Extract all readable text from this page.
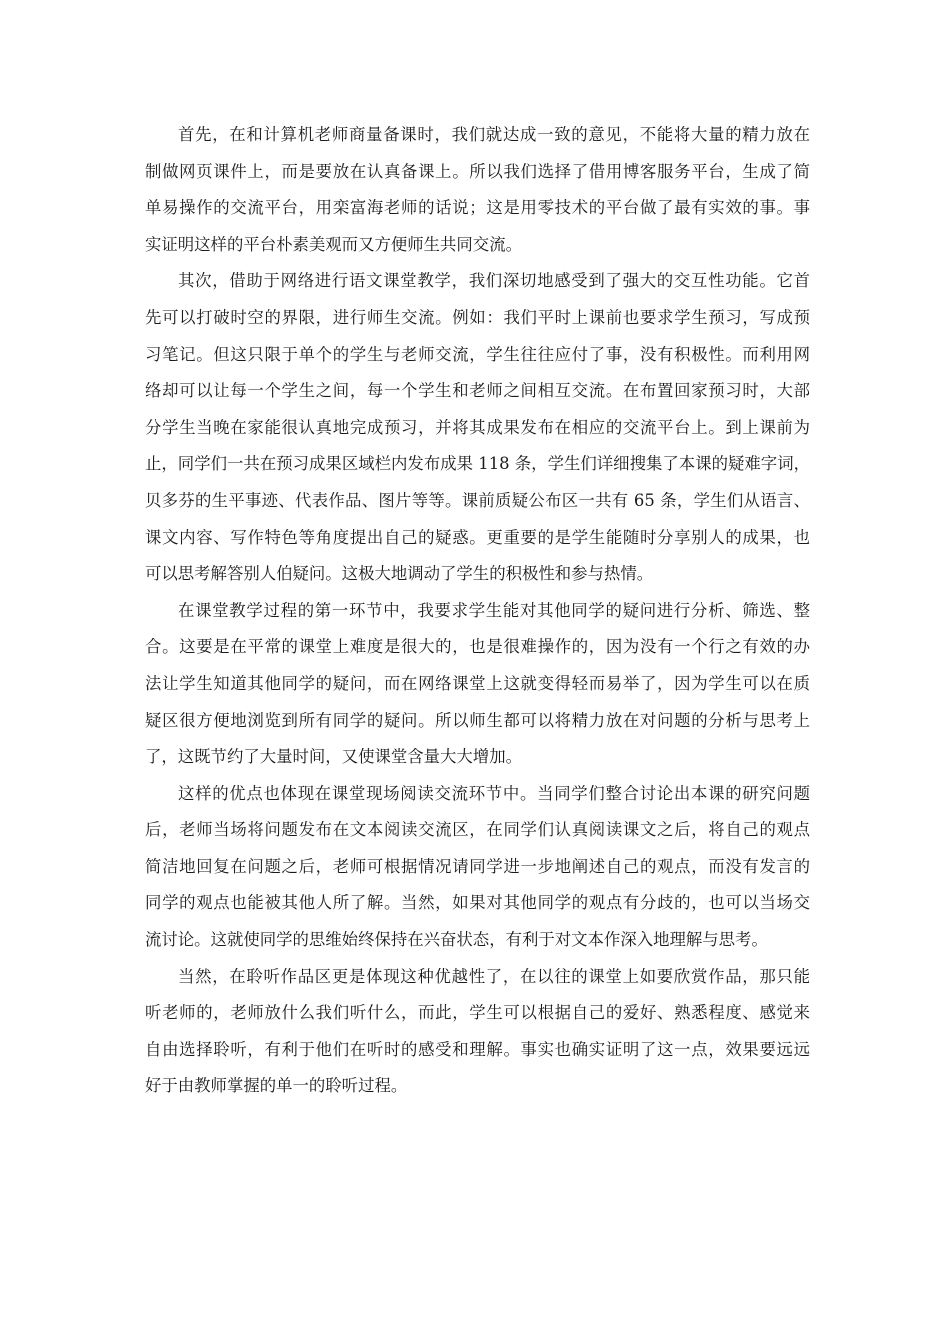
首先，在和计算机老师商量备课时，我们就达成一致的意见，不能将大量的精力放在

制做网页课件上，而是要放在认真备课上。所以我们选择了借用博客服务平台，生成了简

单易操作的交流平台，用栾富海老师的话说；这是用零技术的平台做了最有实效的事。事

实证明这样的平台朴素美观而又方便师生共同交流。

其次，借助于网络进行语文课堂教学，我们深切地感受到了强大的交互性功能。它首

先可以打破时空的界限，进行师生交流。例如：我们平时上课前也要求学生预习，写成预

习笔记。但这只限于单个的学生与老师交流，学生往往应付了事，没有积极性。而利用网

络却可以让每一个学生之间，每一个学生和老师之间相互交流。在布置回家预习时，大部

分学生当晚在家能很认真地完成预习，并将其成果发布在相应的交流平台上。到上课前为

止，同学们一共在预习成果区域栏内发布成果 118 条，学生们详细搜集了本课的疑难字词，

贝多芬的生平事迹、代表作品、图片等等。课前质疑公布区一共有 65 条，学生们从语言、

课文内容、写作特色等角度提出自己的疑惑。更重要的是学生能随时分享别人的成果，也

可以思考解答别人伯疑问。这极大地调动了学生的积极性和参与热情。

在课堂教学过程的第一环节中，我要求学生能对其他同学的疑问进行分析、筛选、整

合。这要是在平常的课堂上难度是很大的，也是很难操作的，因为没有一个行之有效的办

法让学生知道其他同学的疑问，而在网络课堂上这就变得轻而易举了，因为学生可以在质

疑区很方便地浏览到所有同学的疑问。所以师生都可以将精力放在对问题的分析与思考上

了，这既节约了大量时间，又使课堂含量大大增加。

这样的优点也体现在课堂现场阅读交流环节中。当同学们整合讨论出本课的研究问题

后，老师当场将问题发布在文本阅读交流区，在同学们认真阅读课文之后，将自己的观点

简洁地回复在问题之后，老师可根据情况请同学进一步地阐述自己的观点，而没有发言的

同学的观点也能被其他人所了解。当然，如果对其他同学的观点有分歧的，也可以当场交

流讨论。这就使同学的思维始终保持在兴奋状态，有利于对文本作深入地理解与思考。

当然，在聆听作品区更是体现这种优越性了，在以往的课堂上如要欣赏作品，那只能

听老师的，老师放什么我们听什么，而此，学生可以根据自己的爱好、熟悉程度、感觉来

自由选择聆听，有利于他们在听时的感受和理解。事实也确实证明了这一点，效果要远远

好于由教师掌握的单一的聆听过程。
